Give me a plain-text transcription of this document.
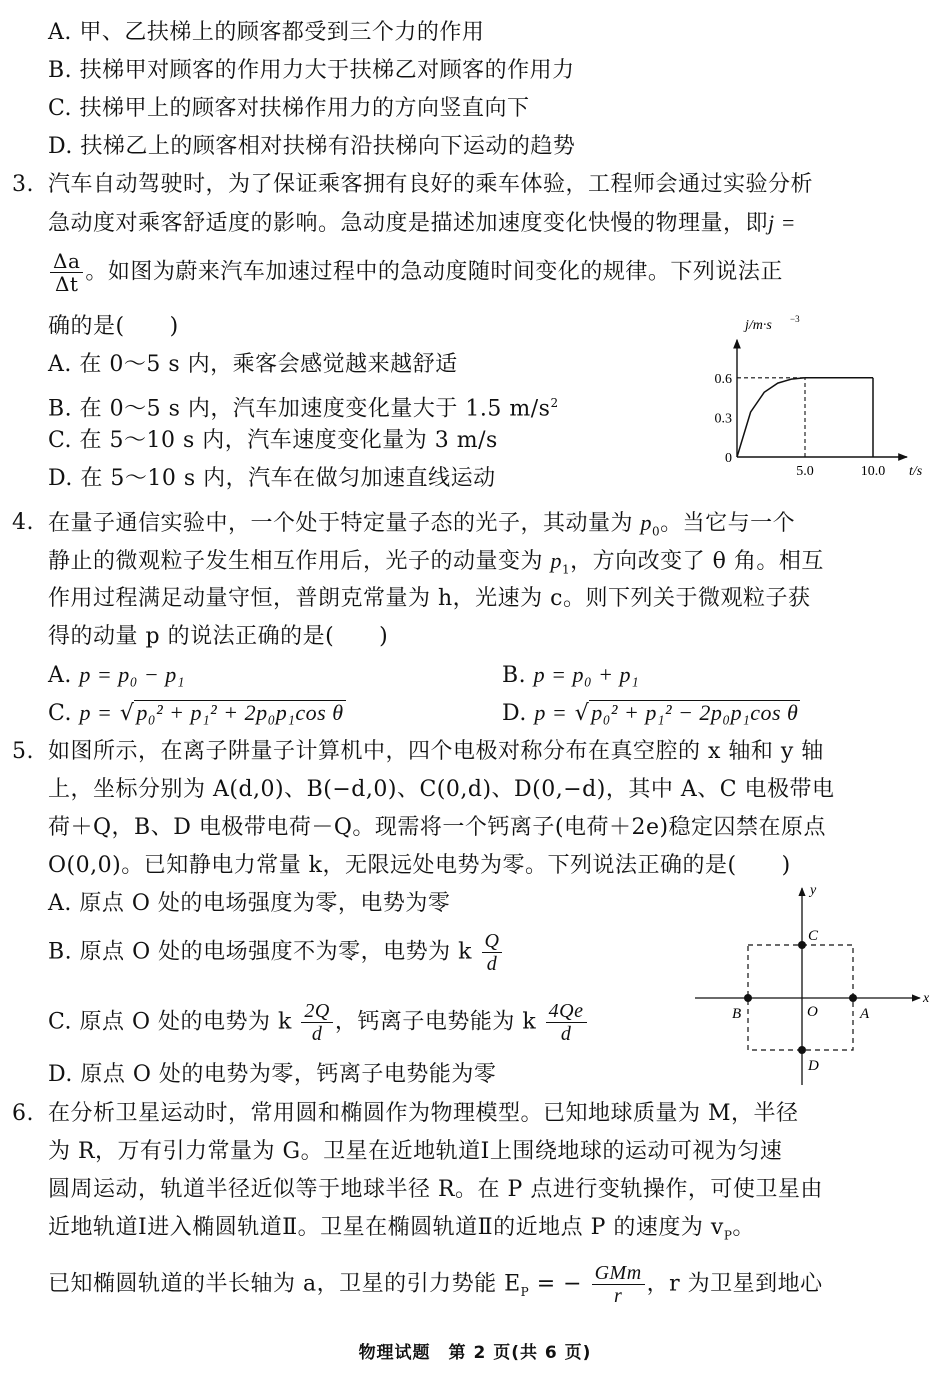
A. 甲、乙扶梯上的顾客都受到三个力的作用
B. 扶梯甲对顾客的作用力大于扶梯乙对顾客的作用力
C. 扶梯甲上的顾客对扶梯作用力的方向竖直向下
D. 扶梯乙上的顾客相对扶梯有沿扶梯向下运动的趋势
3. 汽车自动驾驶时，为了保证乘客拥有良好的乘车体验，工程师会通过实验分析
急动度对乘客舒适度的影响。急动度是描述加速度变化快慢的物理量，即j =
$\frac{\Delta a}{\Delta t}$ 。如图为蔚来汽车加速过程中的急动度随时间变化的规律。下列说法正
确的是(　　)
A. 在 0～5 s 内，乘客会感觉越来越舒适
B. 在 0～5 s 内，汽车加速度变化量大于 1.5 $m/s^2$
C. 在 5～10 s 内，汽车速度变化量为 3 m/s
D. 在 5～10 s 内，汽车在做匀加速直线运动
0.6
0.3
0
5.0	10.0
j/m·s −3
t/s
4. 在量子通信实验中，一个处于特定量子态的光子，其动量为 $p_0$。当它与一个
静止的微观粒子发生相互作用后，光子的动量变为 $p_1$，方向改变了 θ 角。相互
作用过程满足动量守恒，普朗克常量为 h，光速为 c。则下列关于微观粒子获
得的动量 p 的说法正确的是(　　)
A. p = p₀ − p₁	B. p = p₀ + p₁
C. p = √p₀² + p₁² + 2p₀p₁cos θ	D. p = √p₀² + p₁² − 2p₀p₁cos θ
5. 如图所示，在离子阱量子计算机中，四个电极对称分布在真空腔的 x 轴和 y 轴
上，坐标分别为 A(d,0)、B(−d,0)、C(0,d)、D(0,−d)，其中 A、C 电极带电
荷＋Q，B、D 电极带电荷－Q。现需将一个钙离子(电荷＋2e)稳定囚禁在原点
O(0,0)。已知静电力常量 k，无限远处电势为零。下列说法正确的是(　　)
A. 原点 O 处的电场强度为零，电势为零
B. 原点 O 处的电场强度不为零，电势为 k $\frac{Q}{d}$
C. 原点 O 处的电势为 k $\frac{2Q}{d}$ ，钙离子电势能为 k $\frac{4Qe}{d}$
D. 原点 O 处的电势为零，钙离子电势能为零
x
y
A
B
C
D
O
6. 在分析卫星运动时，常用圆和椭圆作为物理模型。已知地球质量为 M，半径
为 R，万有引力常量为 G。卫星在近地轨道Ⅰ上围绕地球的运动可视为匀速
圆周运动，轨道半径近似等于地球半径 R。在 P 点进行变轨操作，可使卫星由
近地轨道Ⅰ进入椭圆轨道Ⅱ。卫星在椭圆轨道Ⅱ的近地点 P 的速度为 $v_P$。
已知椭圆轨道的半长轴为 a，卫星的引力势能 $E_P$ = − $\frac{\text{GMm}}{r}$ ，r 为卫星到地心
物理试题　第 2 页(共 6 页)
